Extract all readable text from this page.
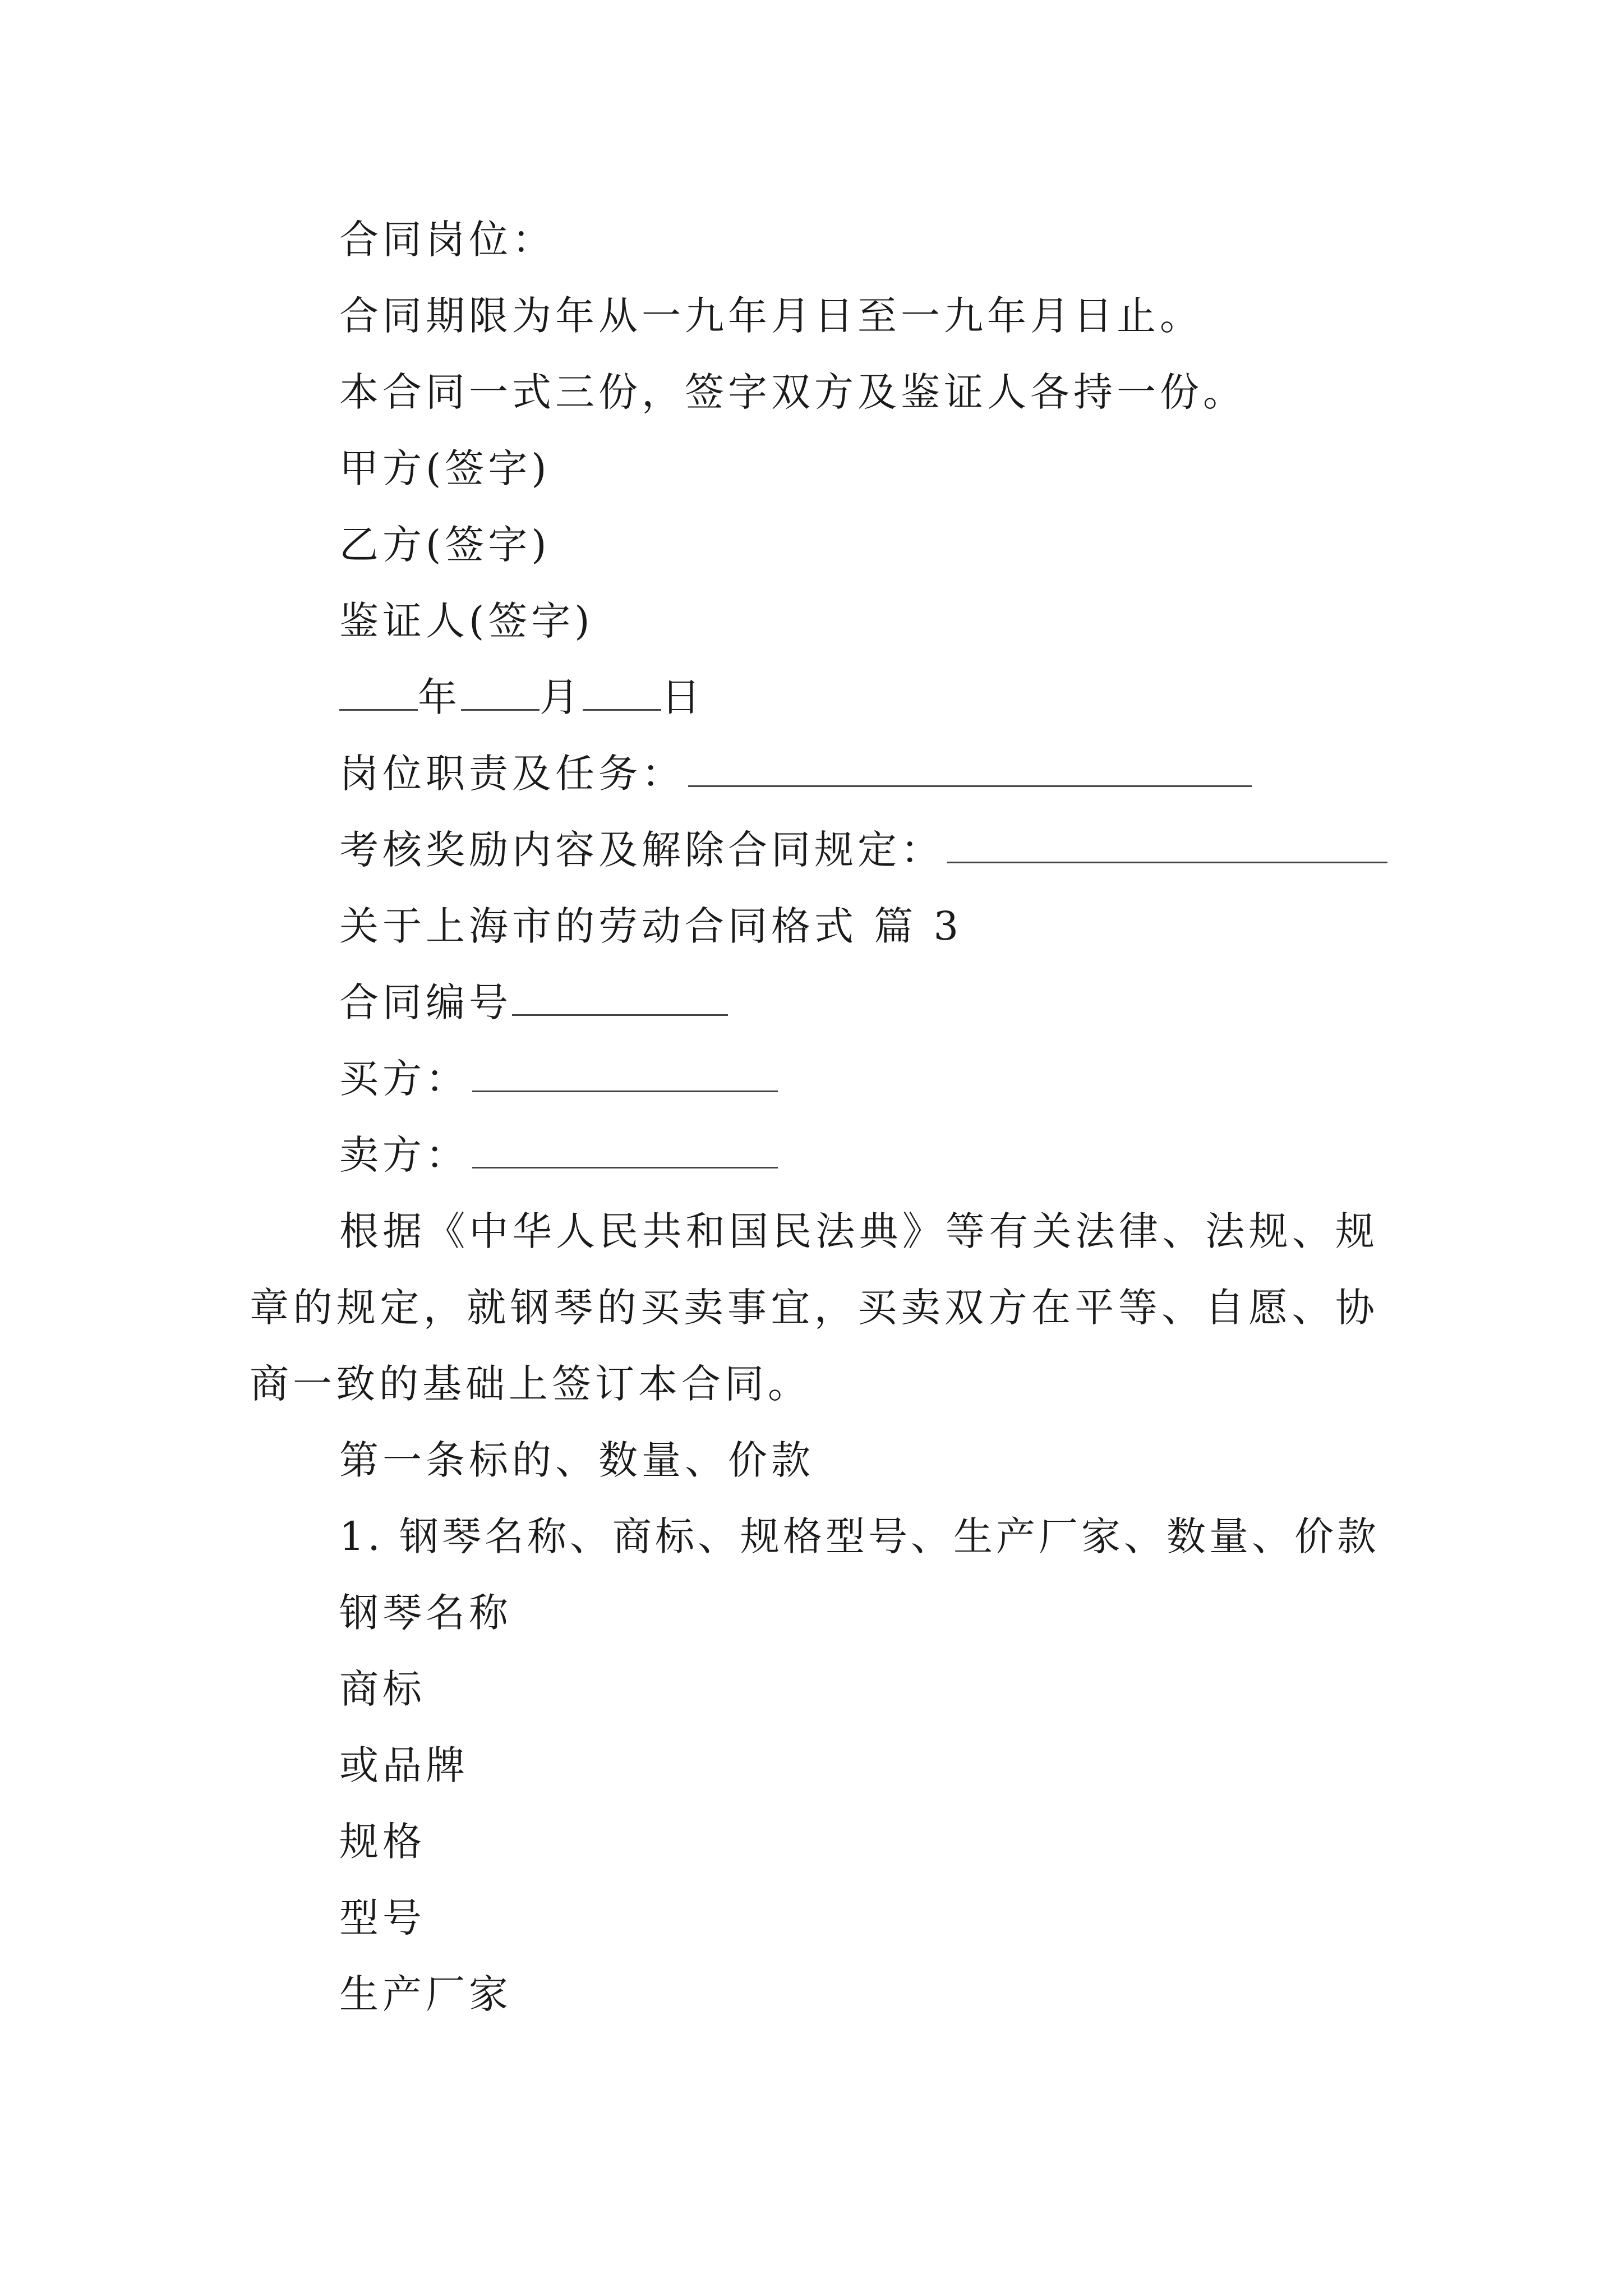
合同岗位：
合同期限为年从一九年月日至一九年月日止。
本合同一式三份，签字双方及鉴证人各持一份。
甲方(签字)
乙方(签字)
鉴证人(签字)
年 月 日
岗位职责及任务：
考核奖励内容及解除合同规定：
关于上海市的劳动合同格式 篇 3
合同编号
买方：
卖方：
根据《中华人民共和国民法典》等有关法律、法规、规
章的规定，就钢琴的买卖事宜，买卖双方在平等、自愿、协
商一致的基础上签订本合同。
第一条标的、数量、价款
1. 钢琴名称、商标、规格型号、生产厂家、数量、价款
钢琴名称
商标
或品牌
规格
型号
生产厂家
